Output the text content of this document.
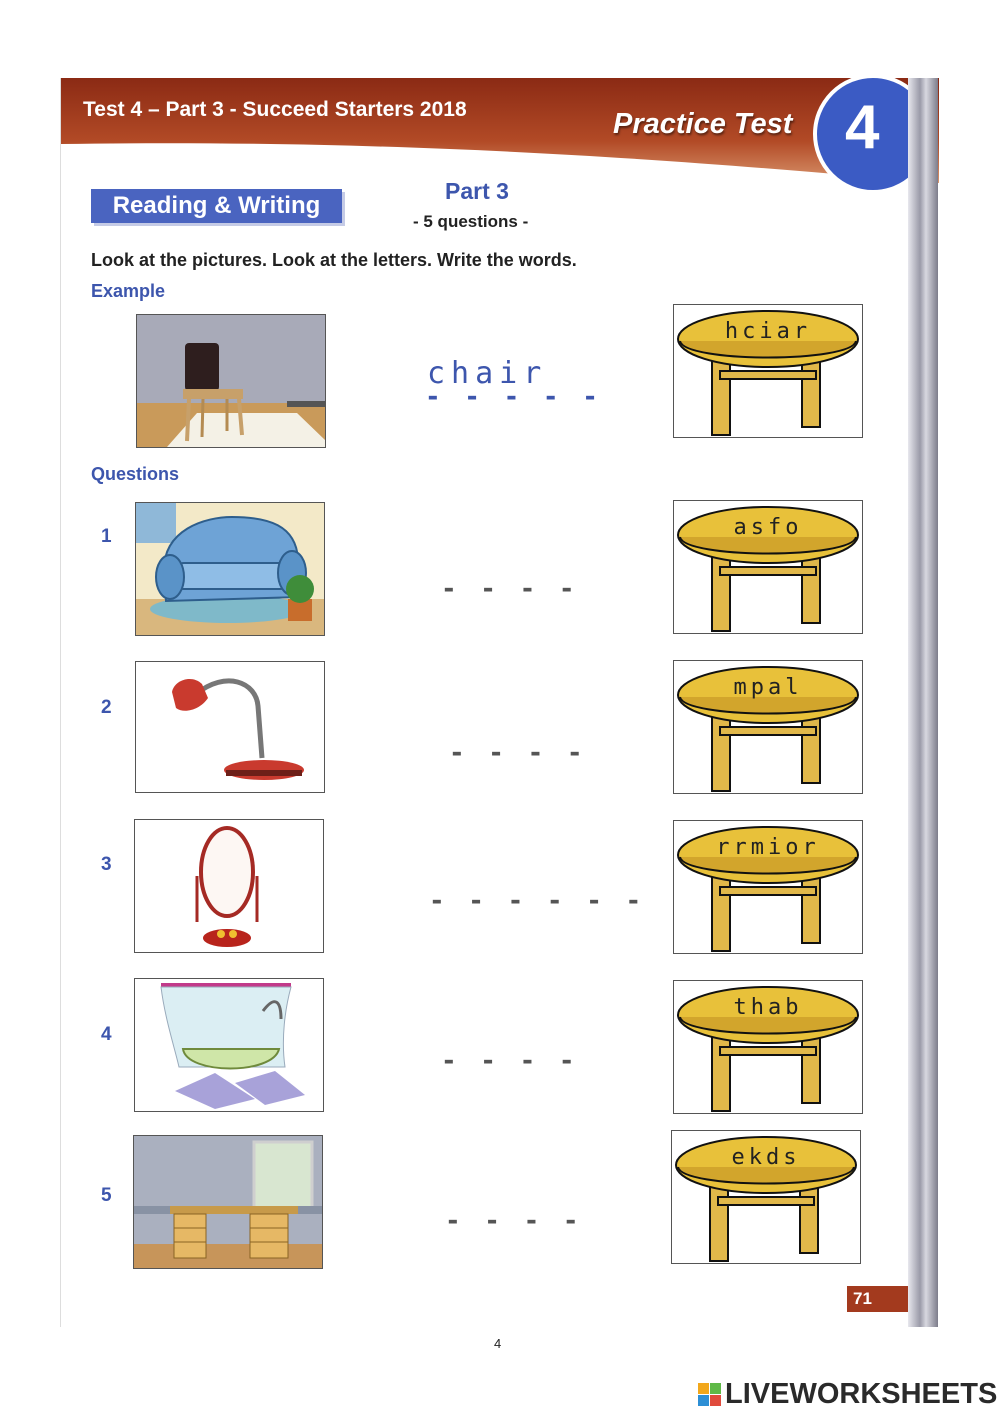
Test 4 – Part 3 - Succeed Starters 2018	Practice Test 4
Reading & Writing
Part 3
- 5 questions -
Look at the pictures. Look at the letters. Write the words.
Example
chair
- - - - -
hciar
Questions
1
- - - -
asfo
2
- - - -
mpal
3
- - - - - -
rrmior
4
- - - -
thab
5
- - - -
ekds
71
4
LIVEWORKSHEETS
